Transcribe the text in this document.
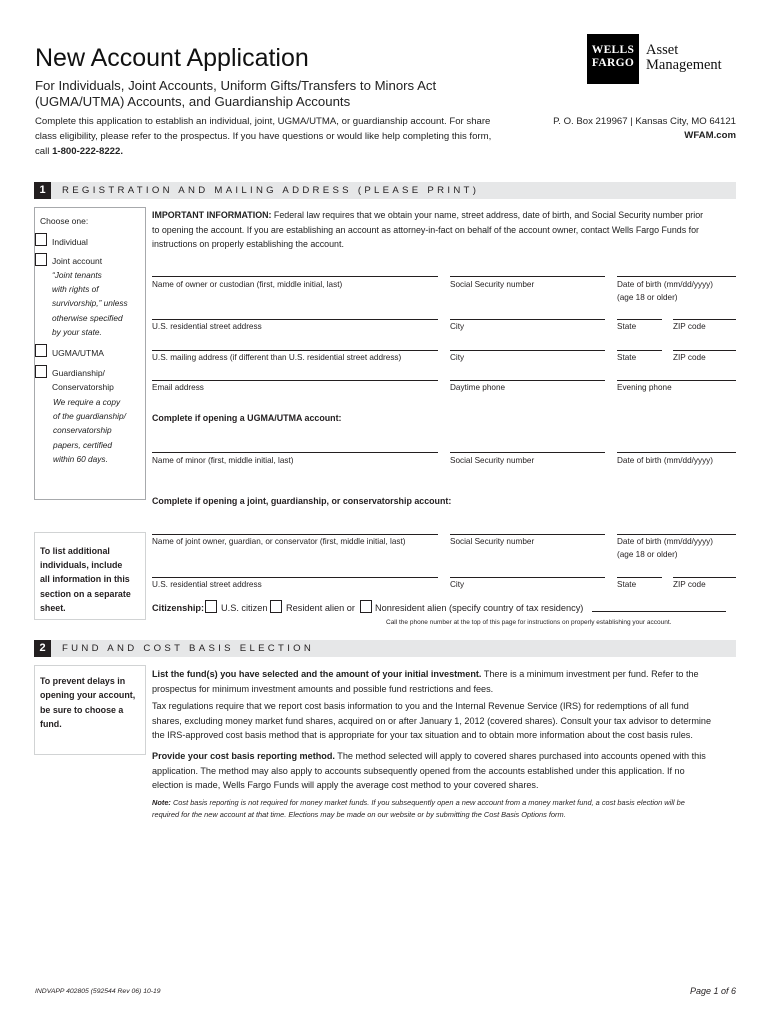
New Account Application
For Individuals, Joint Accounts, Uniform Gifts/Transfers to Minors Act
(UGMA/UTMA) Accounts, and Guardianship Accounts
Complete this application to establish an individual, joint, UGMA/UTMA, or guardianship account. For share
class eligibility, please refer to the prospectus. If you have questions or would like help completing this form,
call 1-800-222-8222.
WELLS
FARGO
Asset
Management
P. O. Box 219967 | Kansas City, MO 64121
WFAM.com
1	REGISTRATION AND MAILING ADDRESS (PLEASE PRINT)
Choose one:
Individual
Joint account
“Joint tenants
with rights of
survivorship,” unless
otherwise specified
by your state.
UGMA/UTMA
Guardianship/
Conservatorship
We require a copy
of the guardianship/
conservatorship
papers, certified
within 60 days.
IMPORTANT INFORMATION: Federal law requires that we obtain your name, street address, date of birth, and Social Security number prior
to opening the account. If you are establishing an account as attorney-in-fact on behalf of the account owner, contact Wells Fargo Funds for
instructions on properly establishing the account.
Name of owner or custodian (first, middle initial, last)	Social Security number	Date of birth (mm/dd/yyyy)
(age 18 or older)
U.S. residential street address	City	State	ZIP code
U.S. mailing address (if different than U.S. residential street address)	City	State	ZIP code
Email address	Daytime phone	Evening phone
Complete if opening a UGMA/UTMA account:
Name of minor (first, middle initial, last)	Social Security number	Date of birth (mm/dd/yyyy)
Complete if opening a joint, guardianship, or conservatorship account:
Name of joint owner, guardian, or conservator (first, middle initial, last)	Social Security number	Date of birth (mm/dd/yyyy)
(age 18 or older)
U.S. residential street address	City	State	ZIP code
To list additional
individuals, include
all information in this
section on a separate
sheet.	Citizenship: U.S. citizen Resident alien or Nonresident alien (specify country of tax residency)
Call the phone number at the top of this page for instructions on properly establishing your account.
2	FUND AND COST BASIS ELECTION
To prevent delays in
opening your account,
be sure to choose a
fund.
List the fund(s) you have selected and the amount of your initial investment. There is a minimum investment per fund. Refer to the
prospectus for minimum investment amounts and possible fund restrictions and fees.
Tax regulations require that we report cost basis information to you and the Internal Revenue Service (IRS) for redemptions of all fund
shares, excluding money market fund shares, acquired on or after January 1, 2012 (covered shares). Consult your tax advisor to determine
the IRS-approved cost basis method that is appropriate for your tax situation and to obtain more information about the cost basis rules.
Provide your cost basis reporting method. The method selected will apply to covered shares purchased into accounts opened with this
application. The method may also apply to accounts subsequently opened from the accounts established under this application. If no
election is made, Wells Fargo Funds will apply the average cost method to your covered shares.
Note: Cost basis reporting is not required for money market funds. If you subsequently open a new account from a money market fund, a cost basis election will be
required for the new account at that time. Elections may be made on our website or by submitting the Cost Basis Options form.
INDVAPP 402805 (592544 Rev 06) 10-19	Page 1 of 6
